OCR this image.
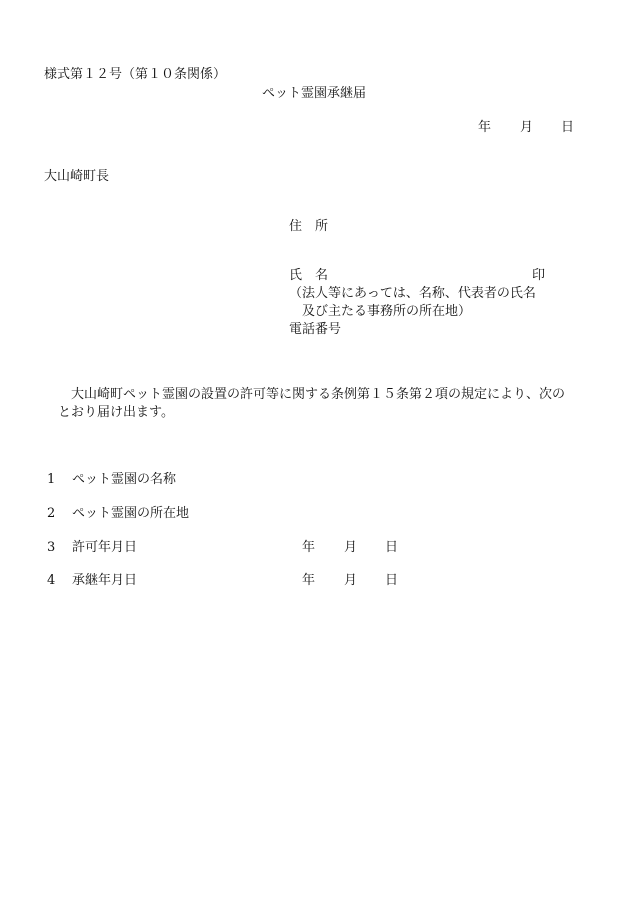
様式第１２号（第１０条関係）
ペット霊園承継届
年 月 日
大山崎町長
住　所
氏　名	印
（法人等にあっては、名称、代表者の氏名
及び主たる事務所の所在地）
電話番号
大山崎町ペット霊園の設置の許可等に関する条例第１５条第２項の規定により、次の
とおり届け出ます。
1 ペット霊園の名称
2 ペット霊園の所在地
3 許可年月日	年 月 日
4 承継年月日	年 月 日
